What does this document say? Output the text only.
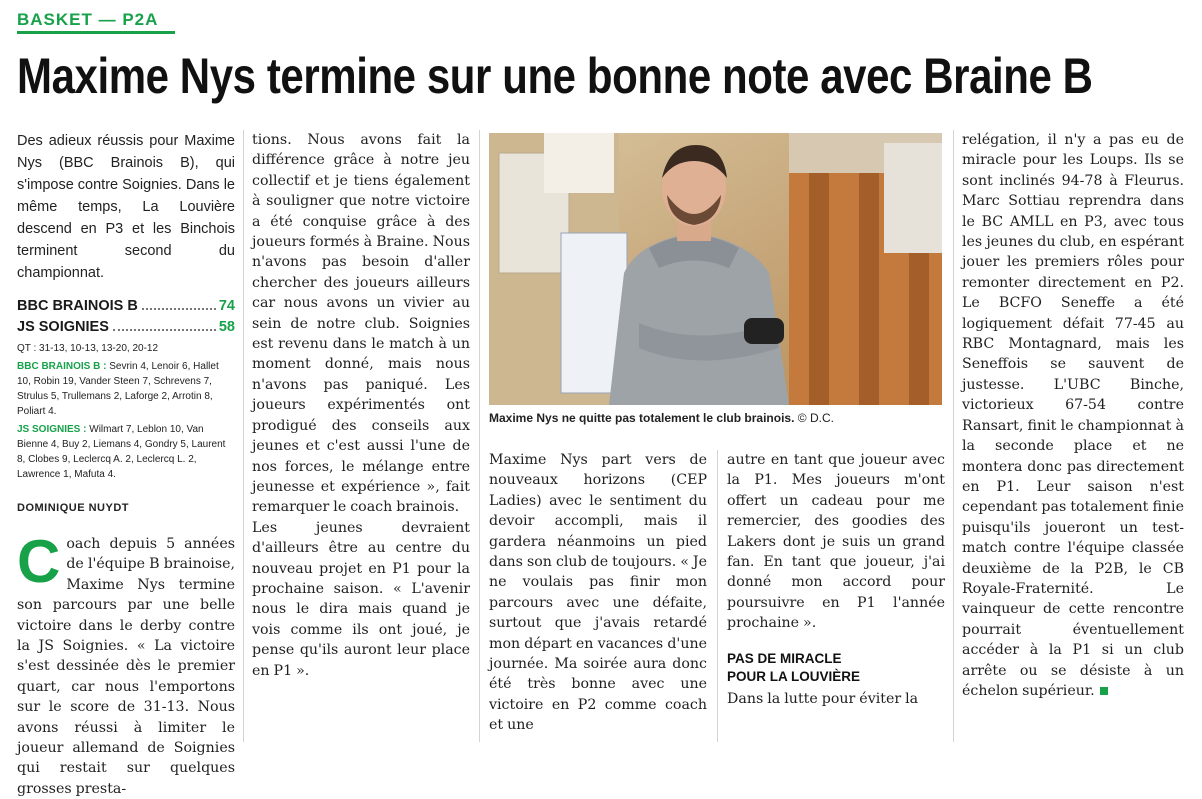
BASKET — P2A
Maxime Nys termine sur une bonne note avec Braine B

Des adieux réussis pour Maxime Nys (BBC Brainois B), qui s'impose contre Soignies. Dans le même temps, La Louvière descend en P3 et les Binchois terminent second du championnat.

BBC BRAINOIS B	74
JS SOIGNIES	58

QT : 31-13, 10-13, 13-20, 20-12

BBC BRAINOIS B : Sevrin 4, Lenoir 6, Hallet 10, Robin 19, Vander Steen 7, Schrevens 7, Strulus 5, Trullemans 2, Laforge 2, Arrotin 8, Poliart 4.

JS SOIGNIES : Wilmart 7, Leblon 10, Van Bienne 4, Buy 2, Liemans 4, Gondry 5, Laurent 8, Clobes 9, Leclercq A. 2, Leclercq L. 2, Lawrence 1, Mafuta 4.

DOMINIQUE NUYDT

Coach depuis 5 années de l'équipe B brainoise, Maxime Nys termine son parcours par une belle victoire dans le derby contre la JS Soignies. « La victoire s'est dessinée dès le premier quart, car nous l'emportons sur le score de 31-13. Nous avons réussi à limiter le joueur allemand de Soignies qui restait sur quelques grosses presta-

tions. Nous avons fait la différence grâce à notre jeu collectif et je tiens également à souligner que notre victoire a été conquise grâce à des joueurs formés à Braine. Nous n'avons pas besoin d'aller chercher des joueurs ailleurs car nous avons un vivier au sein de notre club. Soignies est revenu dans le match à un moment donné, mais nous n'avons pas paniqué. Les joueurs expérimentés ont prodigué des conseils aux jeunes et c'est aussi l'une de nos forces, le mélange entre jeunesse et expérience », fait remarquer le coach brainois.

Les jeunes devraient d'ailleurs être au centre du nouveau projet en P1 pour la prochaine saison. « L'avenir nous le dira mais quand je vois comme ils ont joué, je pense qu'ils auront leur place en P1 ».

Maxime Nys ne quitte pas totalement le club brainois. © D.C.

Maxime Nys part vers de nouveaux horizons (CEP Ladies) avec le sentiment du devoir accompli, mais il gardera néanmoins un pied dans son club de toujours. « Je ne voulais pas finir mon parcours avec une défaite, surtout que j'avais retardé mon départ en vacances d'une journée. Ma soirée aura donc été très bonne avec une victoire en P2 comme coach et une

autre en tant que joueur avec la P1. Mes joueurs m'ont offert un cadeau pour me remercier, des goodies des Lakers dont je suis un grand fan. En tant que joueur, j'ai donné mon accord pour poursuivre en P1 l'année prochaine ».

PAS DE MIRACLE
POUR LA LOUVIÈRE

Dans la lutte pour éviter la

relégation, il n'y a pas eu de miracle pour les Loups. Ils se sont inclinés 94-78 à Fleurus. Marc Sottiau reprendra dans le BC AMLL en P3, avec tous les jeunes du club, en espérant jouer les premiers rôles pour remonter directement en P2. Le BCFO Seneffe a été logiquement défait 77-45 au RBC Montagnard, mais les Seneffois se sauvent de justesse. L'UBC Binche, victorieux 67-54 contre Ransart, finit le championnat à la seconde place et ne montera donc pas directement en P1. Leur saison n'est cependant pas totalement finie puisqu'ils joueront un test-match contre l'équipe classée deuxième de la P2B, le CB Royale-Fraternité. Le vainqueur de cette rencontre pourrait éventuellement accéder à la P1 si un club arrête ou se désiste à un échelon supérieur.
